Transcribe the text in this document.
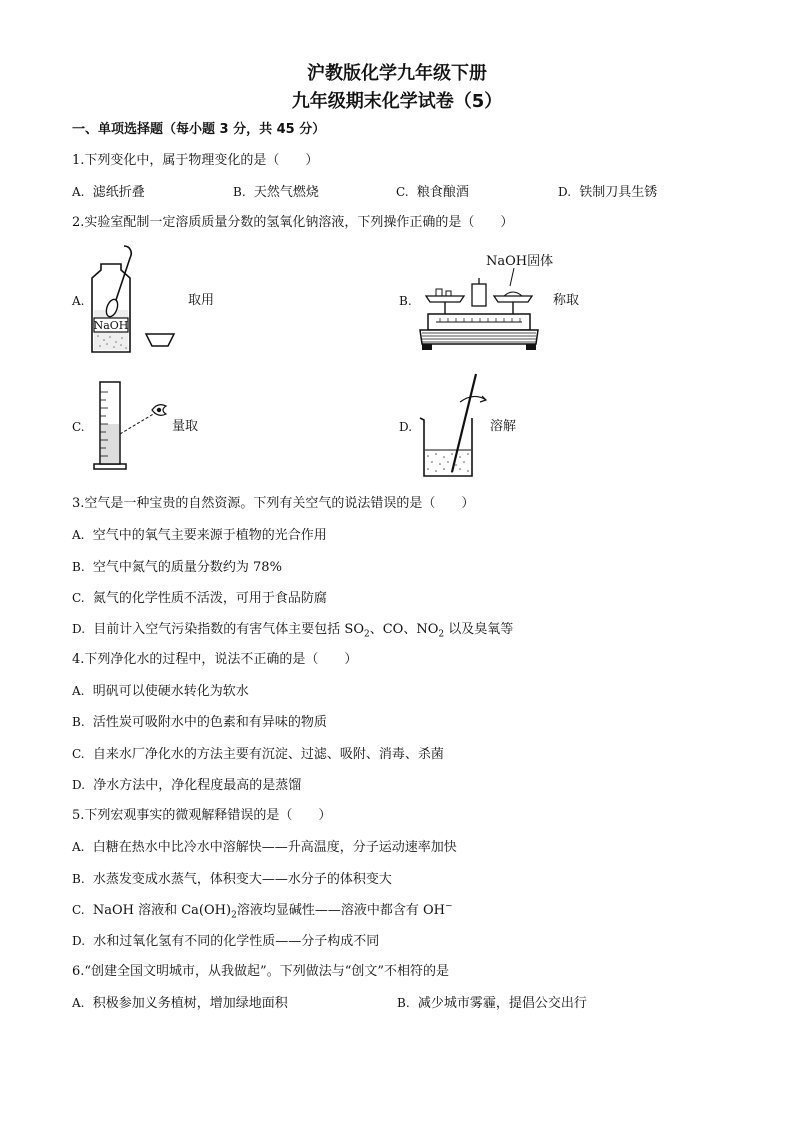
沪教版化学九年级下册
九年级期末化学试卷（5）
一、单项选择题（每小题 3 分，共 45 分）
1.下列变化中，属于物理变化的是（　　）
A. 滤纸折叠	B. 天然气燃烧	C. 粮食酿酒	D. 铁制刀具生锈
2.实验室配制一定溶质质量分数的氢氧化钠溶液，下列操作正确的是（　　）
A.
NaOH
取用	B.
NaOH固体
称取
C.	量取	D.	溶解
3.空气是一种宝贵的自然资源。下列有关空气的说法错误的是（　　）
A. 空气中的氧气主要来源于植物的光合作用
B. 空气中氮气的质量分数约为 78%
C. 氮气的化学性质不活泼，可用于食品防腐
D. 目前计入空气污染指数的有害气体主要包括 $SO_2$、CO、$NO_2$ 以及臭氧等
4.下列净化水的过程中，说法不正确的是（　　）
A. 明矾可以使硬水转化为软水
B. 活性炭可吸附水中的色素和有异味的物质
C. 自来水厂净化水的方法主要有沉淀、过滤、吸附、消毒、杀菌
D. 净水方法中，净化程度最高的是蒸馏
5.下列宏观事实的微观解释错误的是（　　）
A. 白糖在热水中比冷水中溶解快——升高温度，分子运动速率加快
B. 水蒸发变成水蒸气，体积变大——水分子的体积变大
C. NaOH 溶液和 $Ca(OH)_2$溶液均显碱性——溶液中都含有 OH−
D. 水和过氧化氢有不同的化学性质——分子构成不同
6.“创建全国文明城市，从我做起”。下列做法与“创文”不相符的是
A. 积极参加义务植树，增加绿地面积	B. 减少城市雾霾，提倡公交出行
